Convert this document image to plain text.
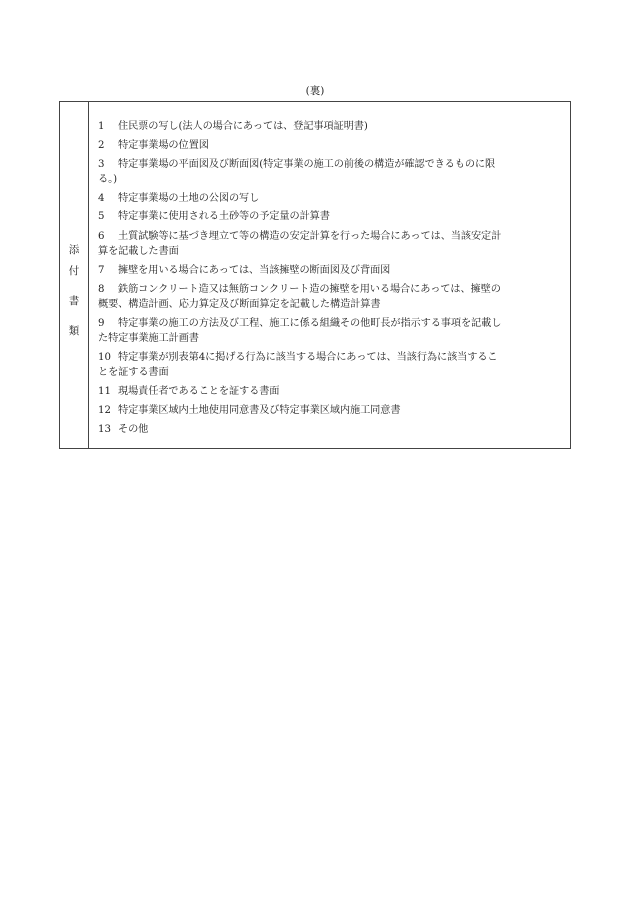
(裏)
添
付
書
類
1	住民票の写し(法人の場合にあっては、登記事項証明書)
2	特定事業場の位置図
3	特定事業場の平面図及び断面図(特定事業の施工の前後の構造が確認できるものに限
る。)
4	特定事業場の土地の公図の写し
5	特定事業に使用される土砂等の予定量の計算書
6	土質試験等に基づき埋立て等の構造の安定計算を行った場合にあっては、当該安定計
算を記載した書面
7	擁壁を用いる場合にあっては、当該擁壁の断面図及び背面図
8	鉄筋コンクリート造又は無筋コンクリート造の擁壁を用いる場合にあっては、擁壁の
概要、構造計画、応力算定及び断面算定を記載した構造計算書
9	特定事業の施工の方法及び工程、施工に係る組織その他町長が指示する事項を記載し
た特定事業施工計画書
10 特定事業が別表第4に掲げる行為に該当する場合にあっては、当該行為に該当するこ
とを証する書面
11 現場責任者であることを証する書面
12 特定事業区域内土地使用同意書及び特定事業区域内施工同意書
13 その他
